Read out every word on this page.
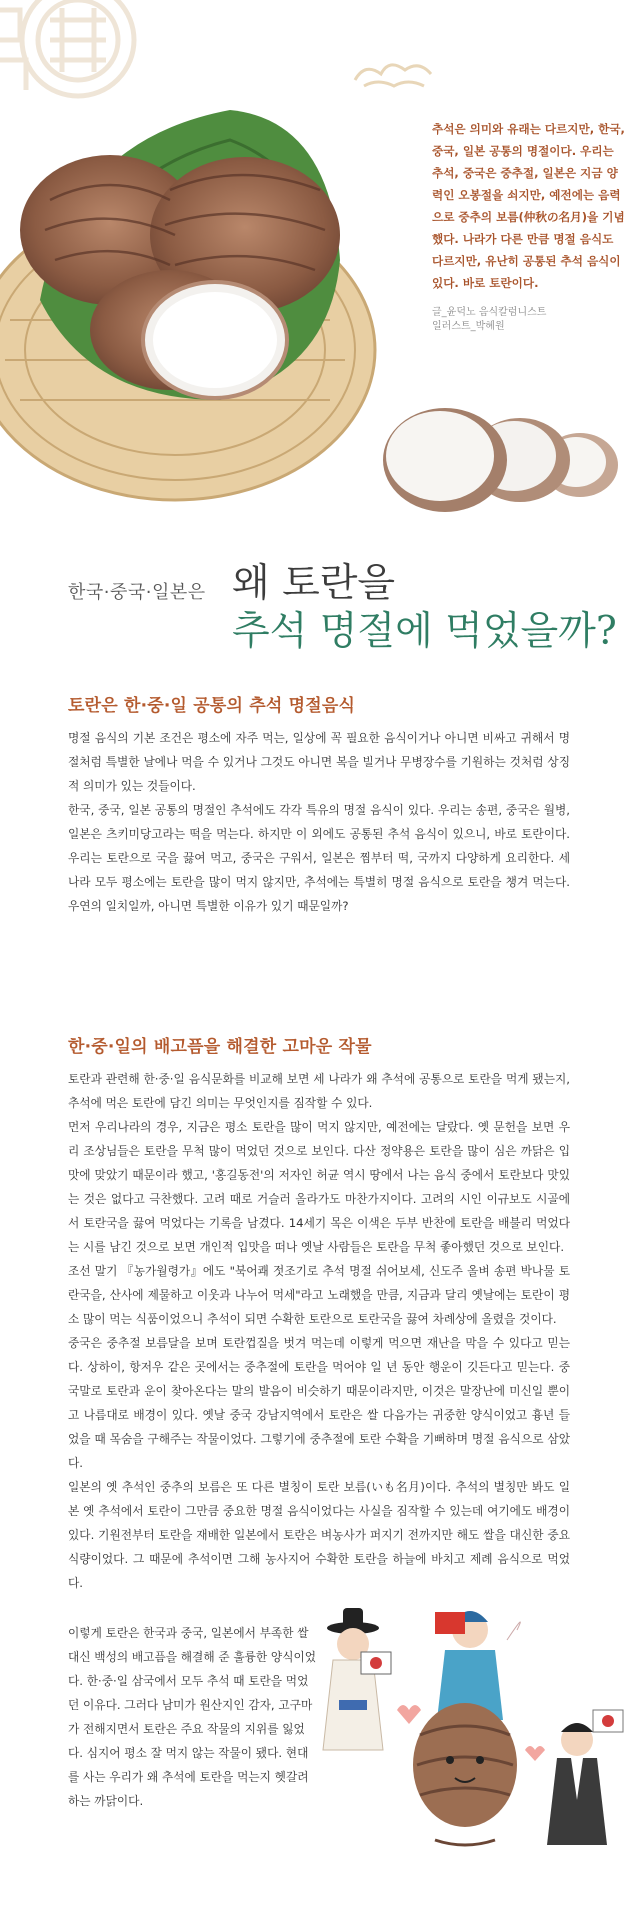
추석은 의미와 유래는 다르지만, 한국, 중국, 일본 공통의 명절이다. 우리는 추석, 중국은 중추절, 일본은 지금 양력인 오봉절을 쇠지만, 예전에는 음력으로 중추의 보름(仲秋の名月)을 기념했다. 나라가 다른 만큼 명절 음식도 다르지만, 유난히 공통된 추석 음식이 있다. 바로 토란이다.

글_윤덕노 음식칼럼니스트
일러스트_박혜원
한국·중국·일본은 왜 토란을
추석 명절에 먹었을까?
토란은 한·중·일 공통의 추석 명절음식

명절 음식의 기본 조건은 평소에 자주 먹는, 일상에 꼭 필요한 음식이거나 아니면 비싸고 귀해서 명절처럼 특별한 날에나 먹을 수 있거나 그것도 아니면 복을 빌거나 무병장수를 기원하는 것처럼 상징적 의미가 있는 것들이다.

한국, 중국, 일본 공통의 명절인 추석에도 각각 특유의 명절 음식이 있다. 우리는 송편, 중국은 월병, 일본은 츠키미당고라는 떡을 먹는다. 하지만 이 외에도 공통된 추석 음식이 있으니, 바로 토란이다. 우리는 토란으로 국을 끓여 먹고, 중국은 구워서, 일본은 찜부터 떡, 국까지 다양하게 요리한다. 세 나라 모두 평소에는 토란을 많이 먹지 않지만, 추석에는 특별히 명절 음식으로 토란을 챙겨 먹는다. 우연의 일치일까, 아니면 특별한 이유가 있기 때문일까?

한·중·일의 배고픔을 해결한 고마운 작물

토란과 관련해 한·중·일 음식문화를 비교해 보면 세 나라가 왜 추석에 공통으로 토란을 먹게 됐는지, 추석에 먹은 토란에 담긴 의미는 무엇인지를 짐작할 수 있다.

먼저 우리나라의 경우, 지금은 평소 토란을 많이 먹지 않지만, 예전에는 달랐다. 옛 문헌을 보면 우리 조상님들은 토란을 무척 많이 먹었던 것으로 보인다. 다산 정약용은 토란을 많이 심은 까닭은 입맛에 맞았기 때문이라 했고, '홍길동전'의 저자인 허균 역시 땅에서 나는 음식 중에서 토란보다 맛있는 것은 없다고 극찬했다. 고려 때로 거슬러 올라가도 마찬가지이다. 고려의 시인 이규보도 시골에서 토란국을 끓여 먹었다는 기록을 남겼다. 14세기 목은 이색은 두부 반찬에 토란을 배불리 먹었다는 시를 남긴 것으로 보면 개인적 입맛을 떠나 옛날 사람들은 토란을 무척 좋아했던 것으로 보인다.

조선 말기 『농가월령가』에도 "북어쾌 젓조기로 추석 명절 쉬어보세, 신도주 올벼 송편 박나물 토란국을, 산사에 제물하고 이웃과 나누어 먹세"라고 노래했을 만큼, 지금과 달리 옛날에는 토란이 평소 많이 먹는 식품이었으니 추석이 되면 수확한 토란으로 토란국을 끓여 차례상에 올렸을 것이다.

중국은 중추절 보름달을 보며 토란껍질을 벗겨 먹는데 이렇게 먹으면 재난을 막을 수 있다고 믿는다. 상하이, 항저우 같은 곳에서는 중추절에 토란을 먹어야 일 년 동안 행운이 깃든다고 믿는다. 중국말로 토란과 운이 찾아온다는 말의 발음이 비슷하기 때문이라지만, 이것은 말장난에 미신일 뿐이고 나름대로 배경이 있다. 옛날 중국 강남지역에서 토란은 쌀 다음가는 귀중한 양식이었고 흉년 들었을 때 목숨을 구해주는 작물이었다. 그렇기에 중추절에 토란 수확을 기뻐하며 명절 음식으로 삼았다.

일본의 옛 추석인 중추의 보름은 또 다른 별칭이 토란 보름(いも名月)이다. 추석의 별칭만 봐도 일본 옛 추석에서 토란이 그만큼 중요한 명절 음식이었다는 사실을 짐작할 수 있는데 여기에도 배경이 있다. 기원전부터 토란을 재배한 일본에서 토란은 벼농사가 퍼지기 전까지만 해도 쌀을 대신한 중요 식량이었다. 그 때문에 추석이면 그해 농사지어 수확한 토란을 하늘에 바치고 제례 음식으로 먹었다.

이렇게 토란은 한국과 중국, 일본에서 부족한 쌀 대신 백성의 배고픔을 해결해 준 훌륭한 양식이었다. 한·중·일 삼국에서 모두 추석 때 토란을 먹었던 이유다. 그러다 남미가 원산지인 감자, 고구마가 전해지면서 토란은 주요 작물의 지위를 잃었다. 심지어 평소 잘 먹지 않는 작물이 됐다. 현대를 사는 우리가 왜 추석에 토란을 먹는지 헷갈려하는 까닭이다.
